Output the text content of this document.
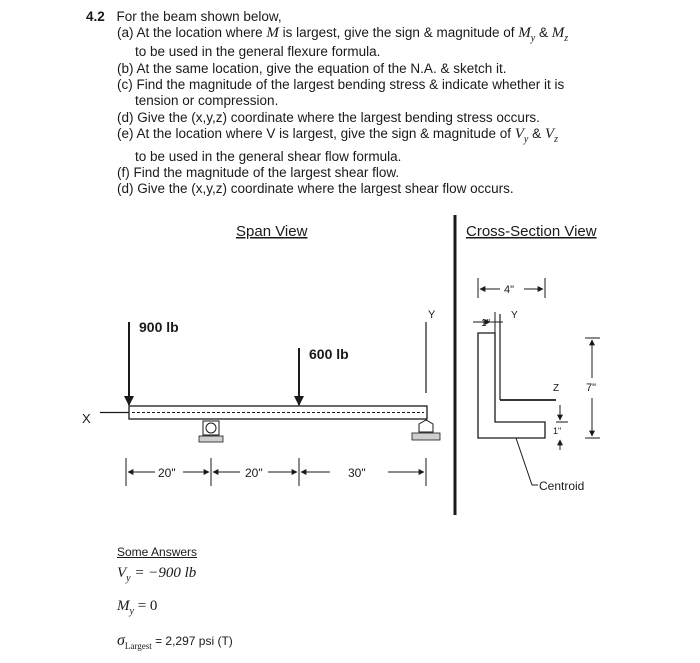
4.2 For the beam shown below,
(a) At the location where M is largest, give the sign & magnitude of $M_y$ & $M_z$
to be used in the general flexure formula.
(b) At the same location, give the equation of the N.A. & sketch it.
(c) Find the magnitude of the largest bending stress & indicate whether it is
tension or compression.
(d) Give the (x,y,z) coordinate where the largest bending stress occurs.
(e) At the location where V is largest, give the sign & magnitude of $V_y$ & $V_z$
to be used in the general shear flow formula.
(f) Find the magnitude of the largest shear flow.
(d) Give the (x,y,z) coordinate where the largest shear flow occurs.
Span View	Cross-Section View
900 lb
600 lb
X
Y
20"	20"	30"
4"
1"
Y
Z 7"
1"
Centroid
Some Answers
$V_y = -900$ lb
$M_y = 0$
$\sigma_{Largest} = 2,297$ psi (T)
